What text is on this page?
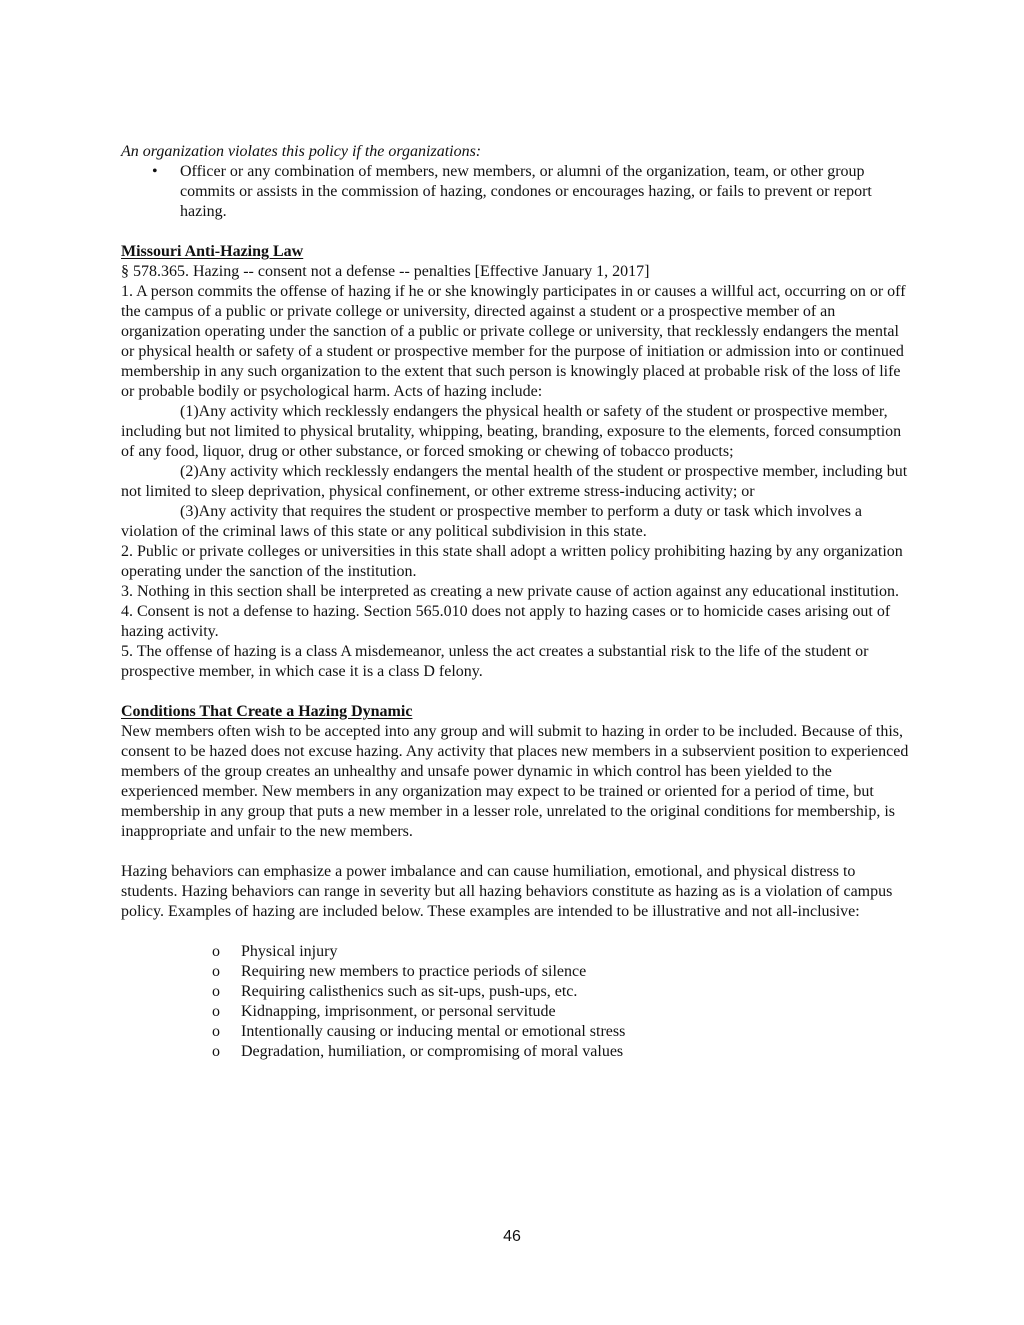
An organization violates this policy if the organizations:

• Officer or any combination of members, new members, or alumni of the organization, team, or other group commits or assists in the commission of hazing, condones or encourages hazing, or fails to prevent or report hazing.

Missouri Anti-Hazing Law

§ 578.365. Hazing -- consent not a defense -- penalties [Effective January 1, 2017]

1. A person commits the offense of hazing if he or she knowingly participates in or causes a willful act, occurring on or off the campus of a public or private college or university, directed against a student or a prospective member of an organization operating under the sanction of a public or private college or university, that recklessly endangers the mental or physical health or safety of a student or prospective member for the purpose of initiation or admission into or continued membership in any such organization to the extent that such person is knowingly placed at probable risk of the loss of life or probable bodily or psychological harm. Acts of hazing include:

(1)Any activity which recklessly endangers the physical health or safety of the student or prospective member, including but not limited to physical brutality, whipping, beating, branding, exposure to the elements, forced consumption of any food, liquor, drug or other substance, or forced smoking or chewing of tobacco products;

(2)Any activity which recklessly endangers the mental health of the student or prospective member, including but not limited to sleep deprivation, physical confinement, or other extreme stress-inducing activity; or

(3)Any activity that requires the student or prospective member to perform a duty or task which involves a violation of the criminal laws of this state or any political subdivision in this state.

2. Public or private colleges or universities in this state shall adopt a written policy prohibiting hazing by any organization operating under the sanction of the institution.

3. Nothing in this section shall be interpreted as creating a new private cause of action against any educational institution.

4. Consent is not a defense to hazing. Section 565.010 does not apply to hazing cases or to homicide cases arising out of hazing activity.

5. The offense of hazing is a class A misdemeanor, unless the act creates a substantial risk to the life of the student or prospective member, in which case it is a class D felony.

Conditions That Create a Hazing Dynamic

New members often wish to be accepted into any group and will submit to hazing in order to be included. Because of this, consent to be hazed does not excuse hazing. Any activity that places new members in a subservient position to experienced members of the group creates an unhealthy and unsafe power dynamic in which control has been yielded to the experienced member. New members in any organization may expect to be trained or oriented for a period of time, but membership in any group that puts a new member in a lesser role, unrelated to the original conditions for membership, is inappropriate and unfair to the new members.

Hazing behaviors can emphasize a power imbalance and can cause humiliation, emotional, and physical distress to students. Hazing behaviors can range in severity but all hazing behaviors constitute as hazing as is a violation of campus policy. Examples of hazing are included below. These examples are intended to be illustrative and not all-inclusive:

o Physical injury
o Requiring new members to practice periods of silence
o Requiring calisthenics such as sit-ups, push-ups, etc.
o Kidnapping, imprisonment, or personal servitude
o Intentionally causing or inducing mental or emotional stress
o Degradation, humiliation, or compromising of moral values
46
